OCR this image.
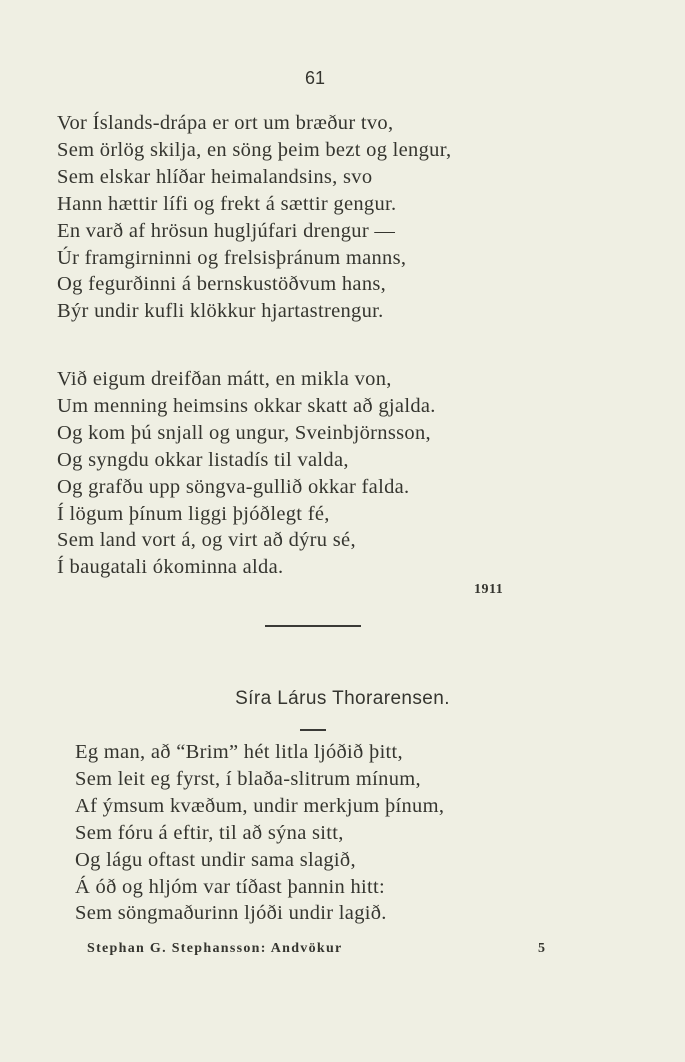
61
Vor Íslands-drápa er ort um bræður tvo,
Sem örlög skilja, en söng þeim bezt og lengur,
Sem elskar hlíðar heimalandsins, svo
Hann hættir lífi og frekt á sættir gengur.
En varð af hrösun hugljúfari drengur —
Úr framgirninni og frelsisþránum manns,
Og fegurðinni á bernskustöðvum hans,
Býr undir kufli klökkur hjartastrengur.
Við eigum dreifðan mátt, en mikla von,
Um menning heimsins okkar skatt að gjalda.
Og kom þú snjall og ungur, Sveinbjörnsson,
Og syngdu okkar listadís til valda,
Og grafðu upp söngva-gullið okkar falda.
Í lögum þínum liggi þjóðlegt fé,
Sem land vort á, og virt að dýru sé,
Í baugatali ókominna alda.
1911
Síra Lárus Thorarensen.
Eg man, að “Brim” hét litla ljóðið þitt,
Sem leit eg fyrst, í blaða-slitrum mínum,
Af ýmsum kvæðum, undir merkjum þínum,
Sem fóru á eftir, til að sýna sitt,
Og lágu oftast undir sama slagið,
Á óð og hljóm var tíðast þannin hitt:
Sem söngmaðurinn ljóði undir lagið.
Stephan G. Stephansson: Andvökur	5
